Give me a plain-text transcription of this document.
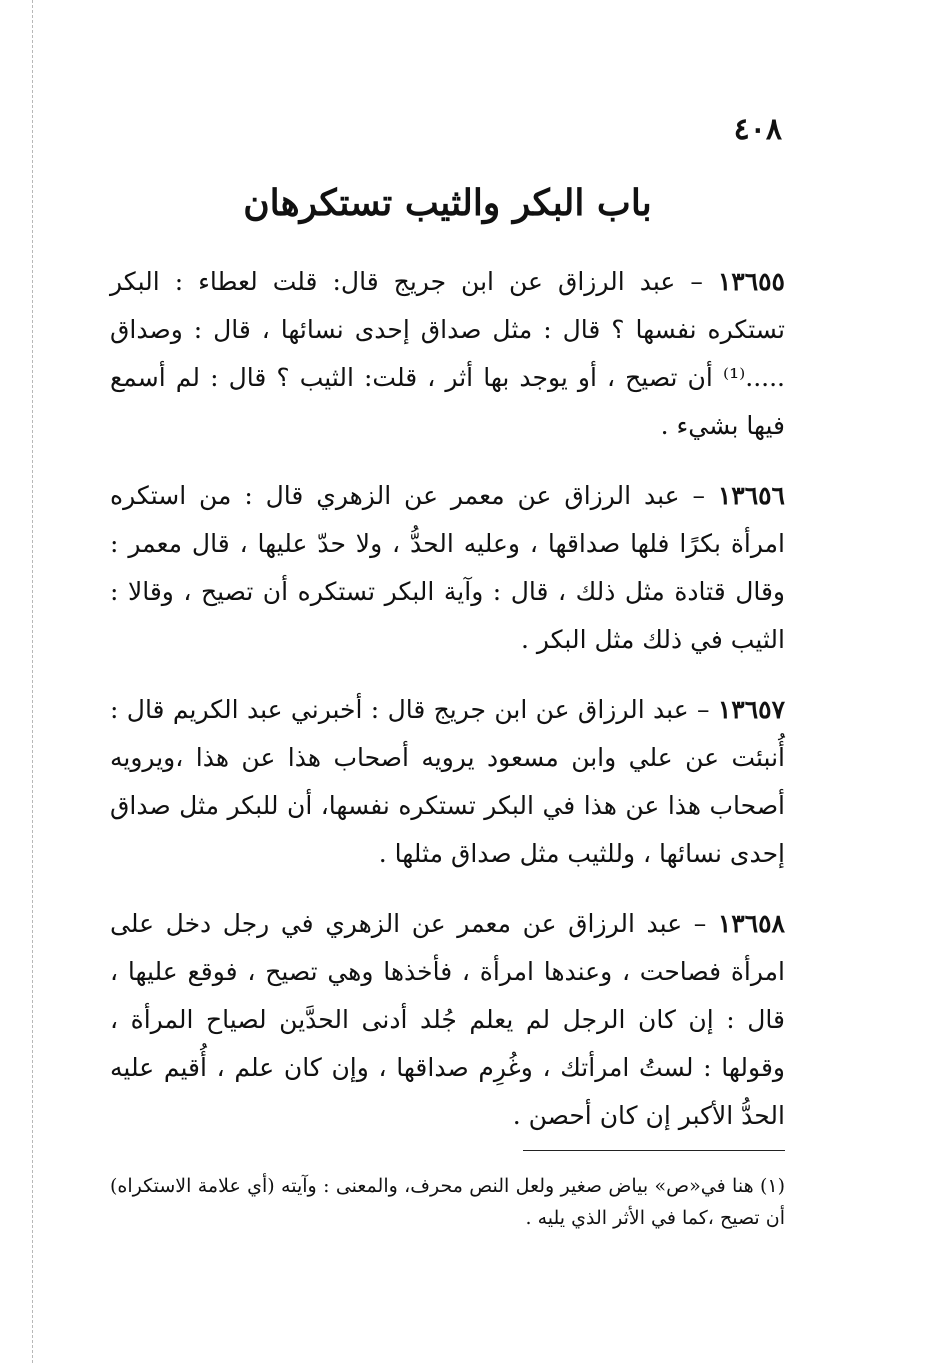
٤٠٨
باب البكر والثيب تستكرهان

١٣٦٥٥ – عبد الرزاق عن ابن جريج قال: قلت لعطاء : البكر تستكره نفسها ؟ قال : مثل صداق إحدى نسائها ، قال : وصداق .....⁽¹⁾ أن تصيح ، أو يوجد بها أثر ، قلت: الثيب ؟ قال : لم أسمع فيها بشيء .

١٣٦٥٦ – عبد الرزاق عن معمر عن الزهري قال : من استكره امرأة بكرًا فلها صداقها ، وعليه الحدُّ ، ولا حدّ عليها ، قال معمر : وقال قتادة مثل ذلك ، قال : وآية البكر تستكره أن تصيح ، وقالا : الثيب في ذلك مثل البكر .

١٣٦٥٧ – عبد الرزاق عن ابن جريج قال : أخبرني عبد الكريم قال : أُنبئت عن علي وابن مسعود يرويه أصحاب هذا عن هذا ،ويرويه أصحاب هذا عن هذا في البكر تستكره نفسها، أن للبكر مثل صداق إحدى نسائها ، وللثيب مثل صداق مثلها .

١٣٦٥٨ – عبد الرزاق عن معمر عن الزهري في رجل دخل على امرأة فصاحت ، وعندها امرأة ، فأخذها وهي تصيح ، فوقع عليها ، قال : إن كان الرجل لم يعلم جُلد أدنى الحدَّين لصياح المرأة ، وقولها : لستُ امرأتك ، وغُرِم صداقها ، وإن كان علم ، أُقيم عليه الحدُّ الأكبر إن كان أحصن .

(١) هنا في«ص» بياض صغير ولعل النص محرف، والمعنى : وآيته (أي علامة الاستكراه) أن تصيح ،كما في الأثر الذي يليه .
